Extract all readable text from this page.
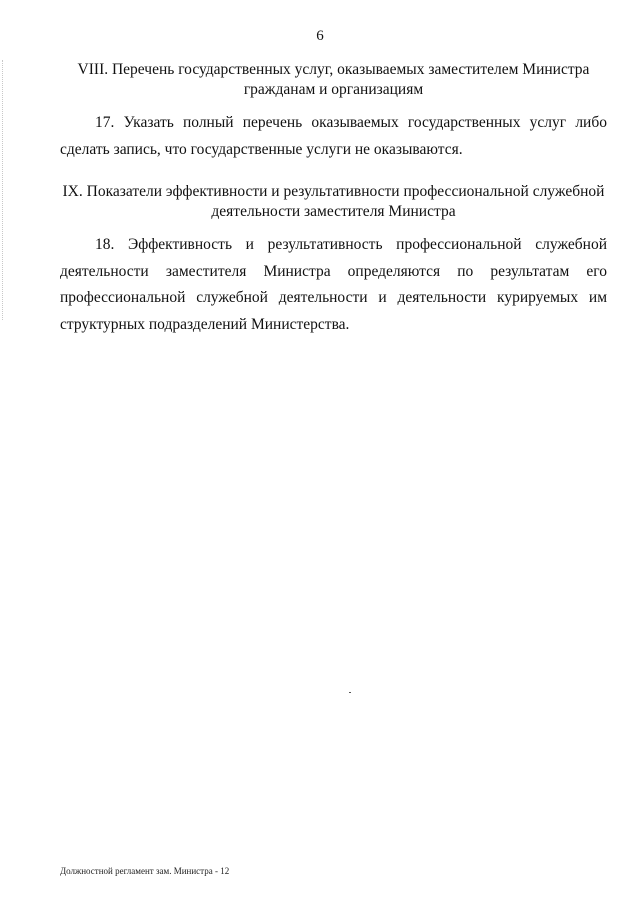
6
VIII. Перечень государственных услуг, оказываемых заместителем Министра
гражданам и организациям

17. Указать полный перечень оказываемых государственных услуг либо сделать запись, что государственные услуги не оказываются.

IX. Показатели эффективности и результативности профессиональной служебной
деятельности заместителя Министра

18. Эффективность и результативность профессиональной служебной деятельности заместителя Министра определяются по результатам его профессиональной служебной деятельности и деятельности курируемых им структурных подразделений Министерства.

Должностной регламент зам. Министра - 12
